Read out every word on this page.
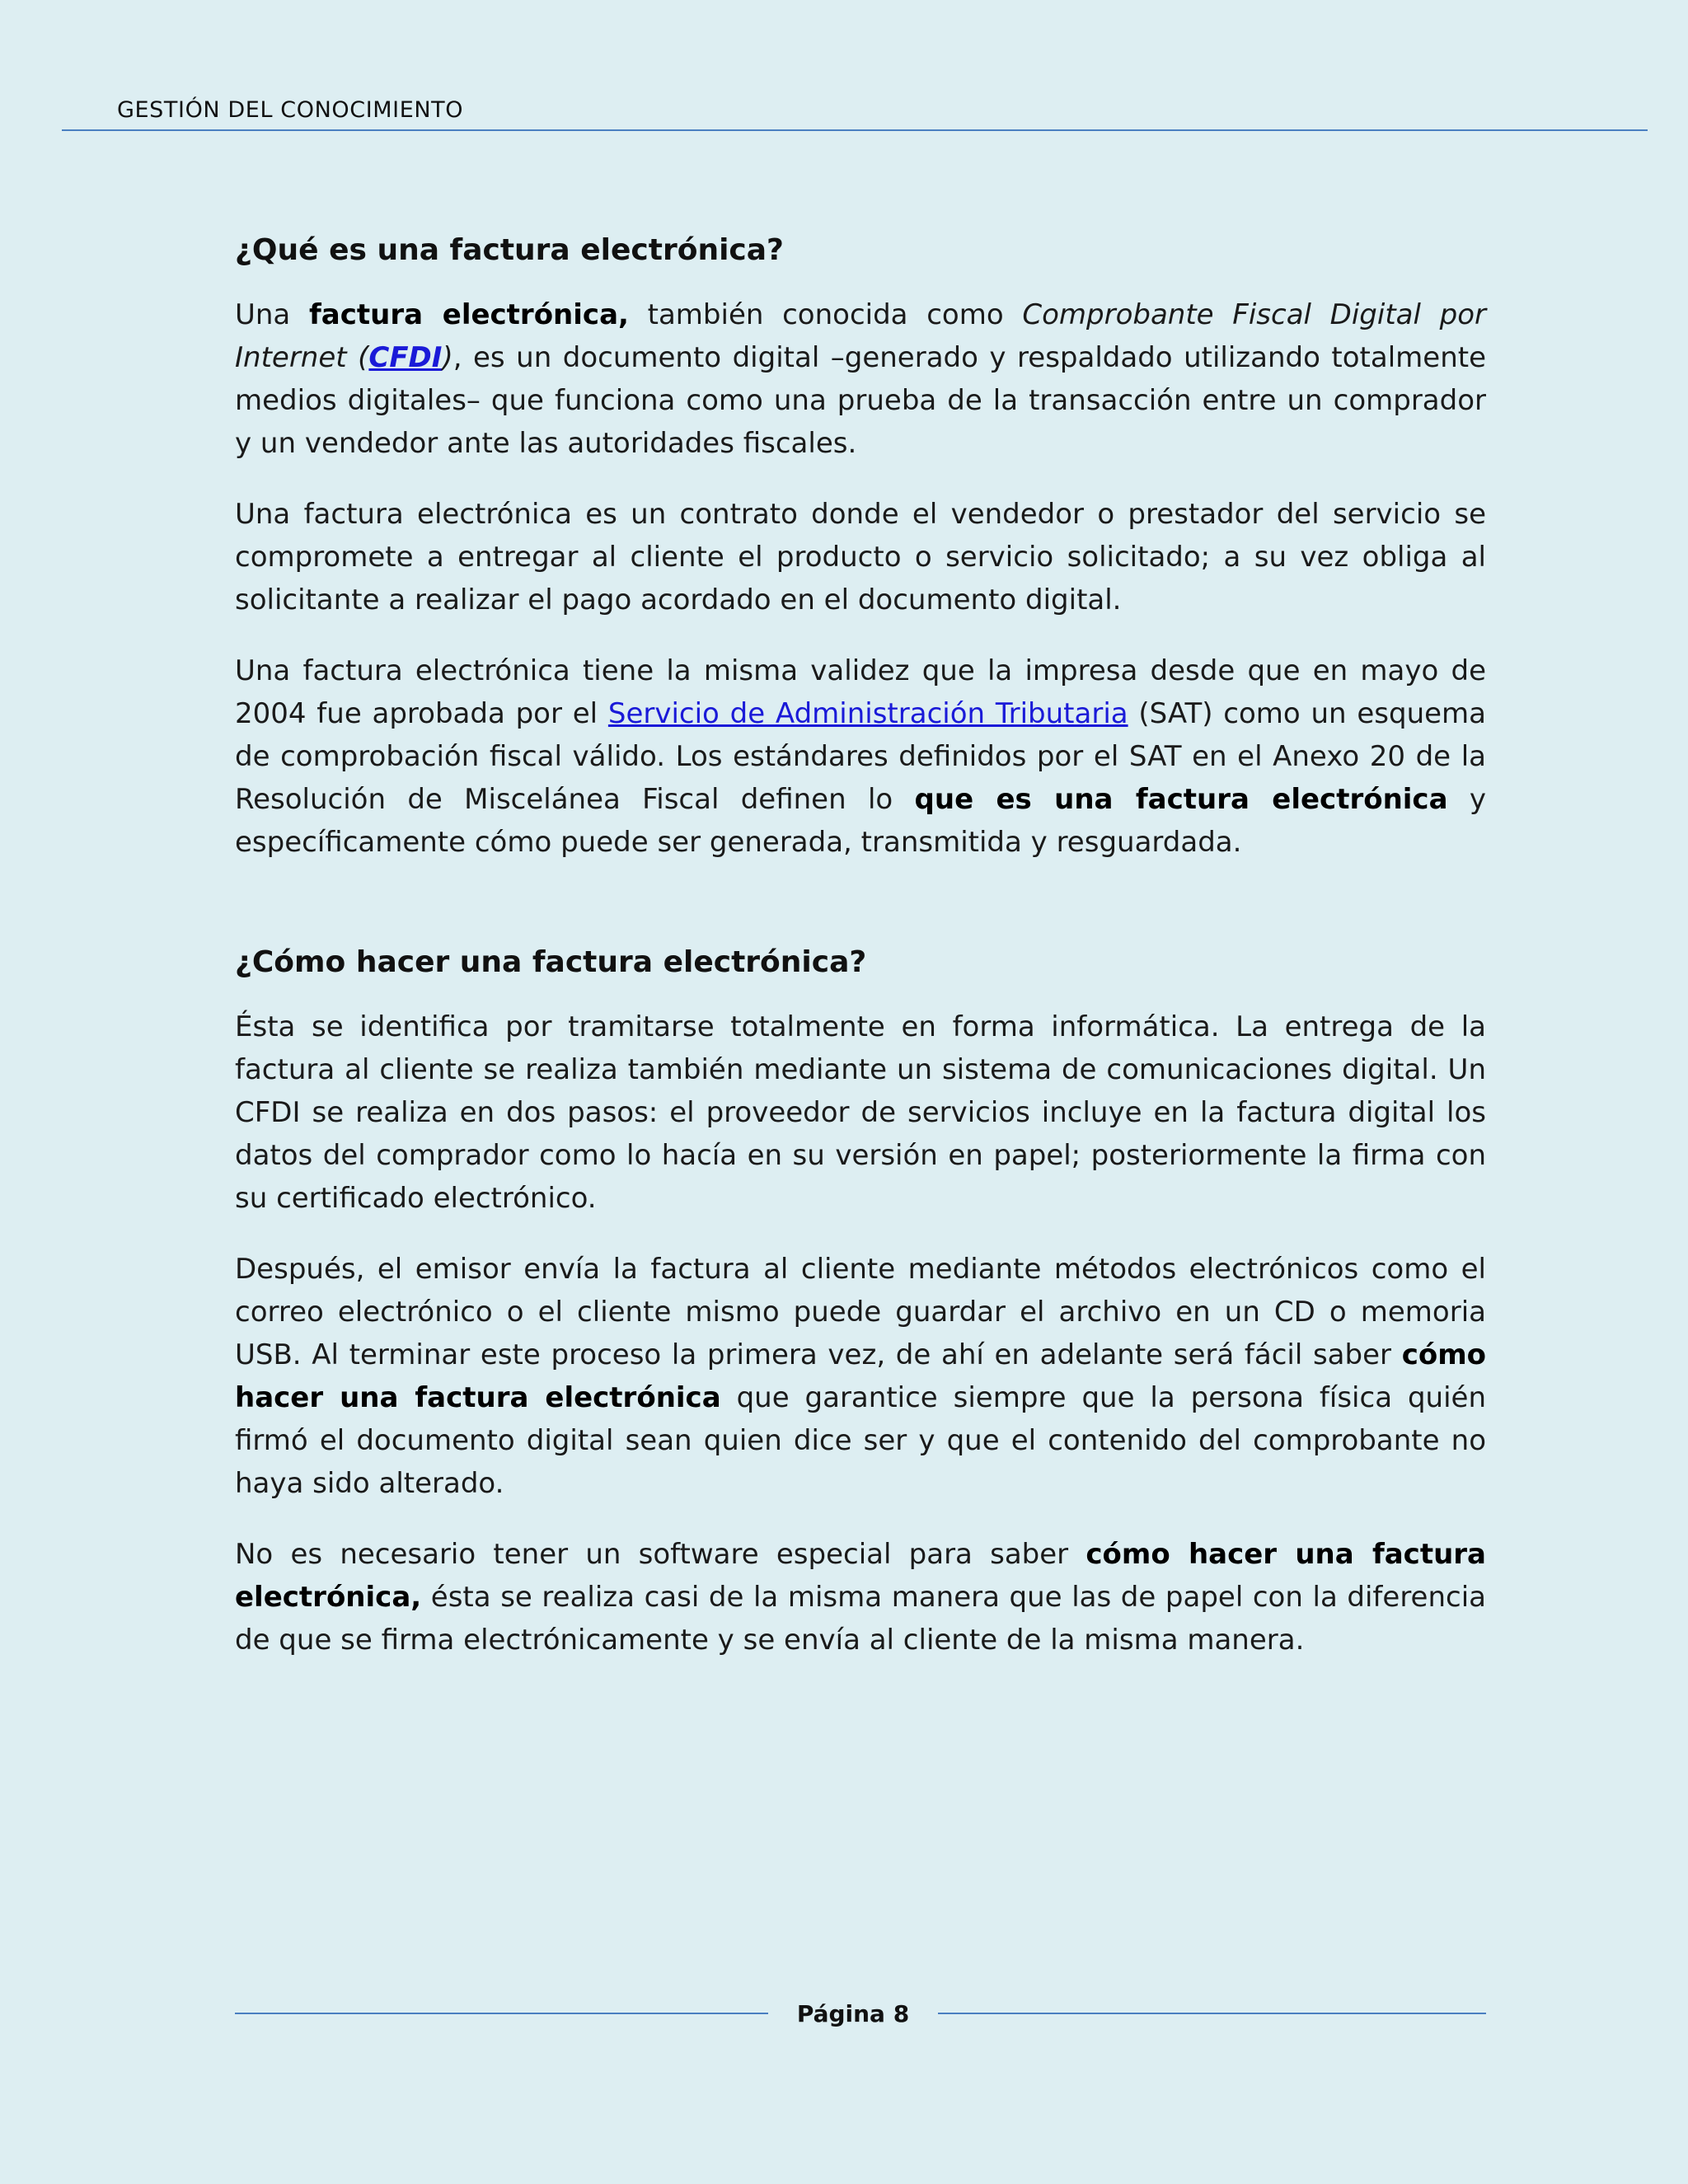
GESTIÓN DEL CONOCIMIENTO
¿Qué es una factura electrónica?

Una factura electrónica, también conocida como Comprobante Fiscal Digital por Internet (CFDI), es un documento digital –generado y respaldado utilizando totalmente medios digitales– que funciona como una prueba de la transacción entre un comprador y un vendedor ante las autoridades fiscales.

Una factura electrónica es un contrato donde el vendedor o prestador del servicio se compromete a entregar al cliente el producto o servicio solicitado; a su vez obliga al solicitante a realizar el pago acordado en el documento digital.

Una factura electrónica tiene la misma validez que la impresa desde que en mayo de 2004 fue aprobada por el Servicio de Administración Tributaria (SAT) como un esquema de comprobación fiscal válido. Los estándares definidos por el SAT en el Anexo 20 de la Resolución de Miscelánea Fiscal definen lo que es una factura electrónica y específicamente cómo puede ser generada, transmitida y resguardada.

¿Cómo hacer una factura electrónica?

Ésta se identifica por tramitarse totalmente en forma informática. La entrega de la factura al cliente se realiza también mediante un sistema de comunicaciones digital. Un CFDI se realiza en dos pasos: el proveedor de servicios incluye en la factura digital los datos del comprador como lo hacía en su versión en papel; posteriormente la firma con su certificado electrónico.

Después, el emisor envía la factura al cliente mediante métodos electrónicos como el correo electrónico o el cliente mismo puede guardar el archivo en un CD o memoria USB. Al terminar este proceso la primera vez, de ahí en adelante será fácil saber cómo hacer una factura electrónica que garantice siempre que la persona física quién firmó el documento digital sean quien dice ser y que el contenido del comprobante no haya sido alterado.

No es necesario tener un software especial para saber cómo hacer una factura electrónica, ésta se realiza casi de la misma manera que las de papel con la diferencia de que se firma electrónicamente y se envía al cliente de la misma manera.

Página 8
